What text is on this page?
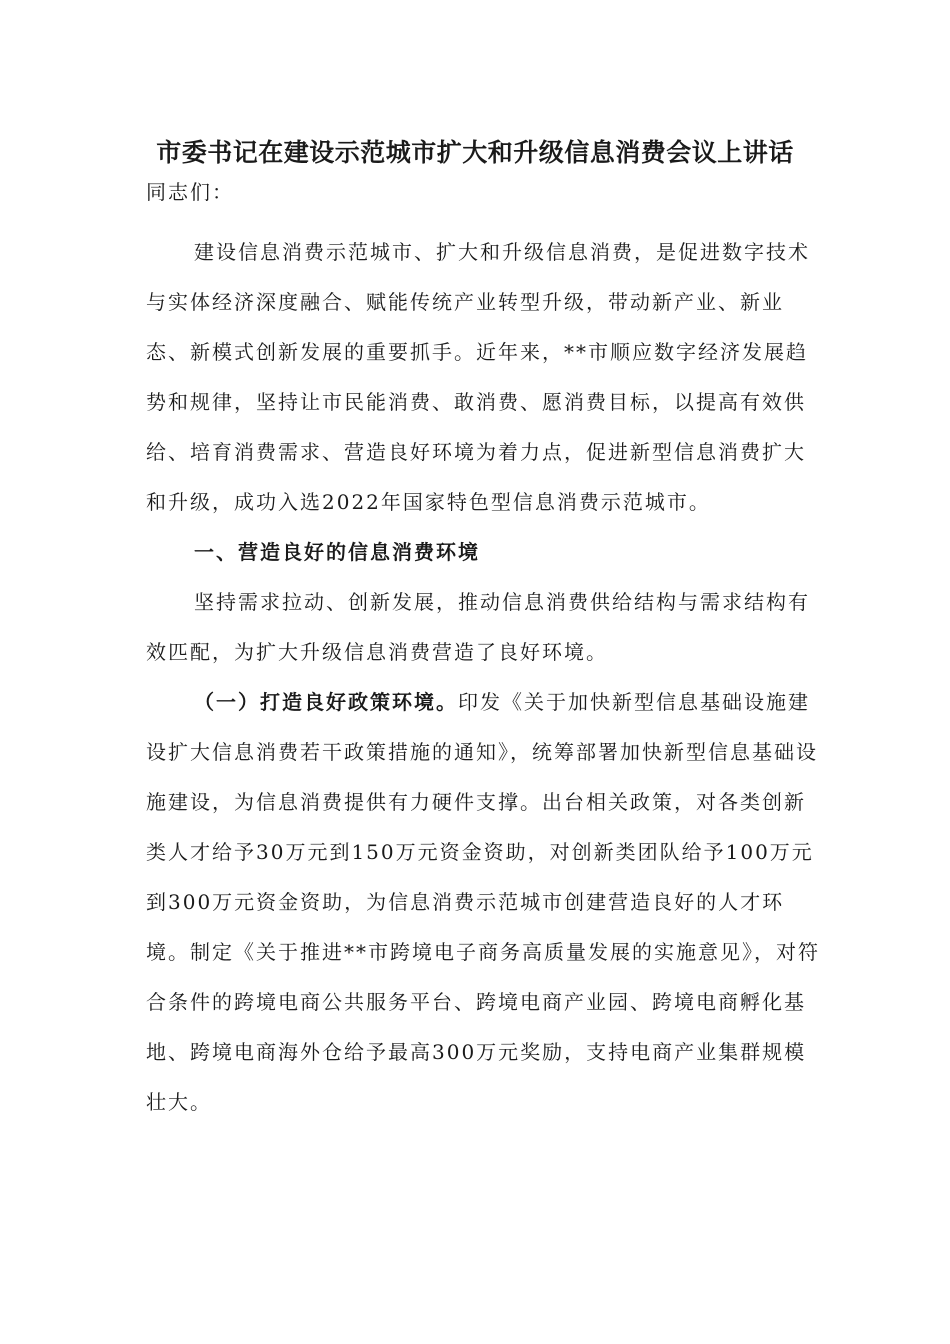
市委书记在建设示范城市扩大和升级信息消费会议上讲话

同志们：

建设信息消费示范城市、扩大和升级信息消费，是促进数字技术与实体经济深度融合、赋能传统产业转型升级，带动新产业、新业态、新模式创新发展的重要抓手。近年来，**市顺应数字经济发展趋势和规律，坚持让市民能消费、敢消费、愿消费目标，以提高有效供给、培育消费需求、营造良好环境为着力点，促进新型信息消费扩大和升级，成功入选2022年国家特色型信息消费示范城市。

一、营造良好的信息消费环境

坚持需求拉动、创新发展，推动信息消费供给结构与需求结构有效匹配，为扩大升级信息消费营造了良好环境。

（一）打造良好政策环境。印发《关于加快新型信息基础设施建设扩大信息消费若干政策措施的通知》，统筹部署加快新型信息基础设施建设，为信息消费提供有力硬件支撑。出台相关政策，对各类创新类人才给予30万元到150万元资金资助，对创新类团队给予100万元到300万元资金资助，为信息消费示范城市创建营造良好的人才环境。制定《关于推进**市跨境电子商务高质量发展的实施意见》，对符合条件的跨境电商公共服务平台、跨境电商产业园、跨境电商孵化基地、跨境电商海外仓给予最高300万元奖励，支持电商产业集群规模壮大。
